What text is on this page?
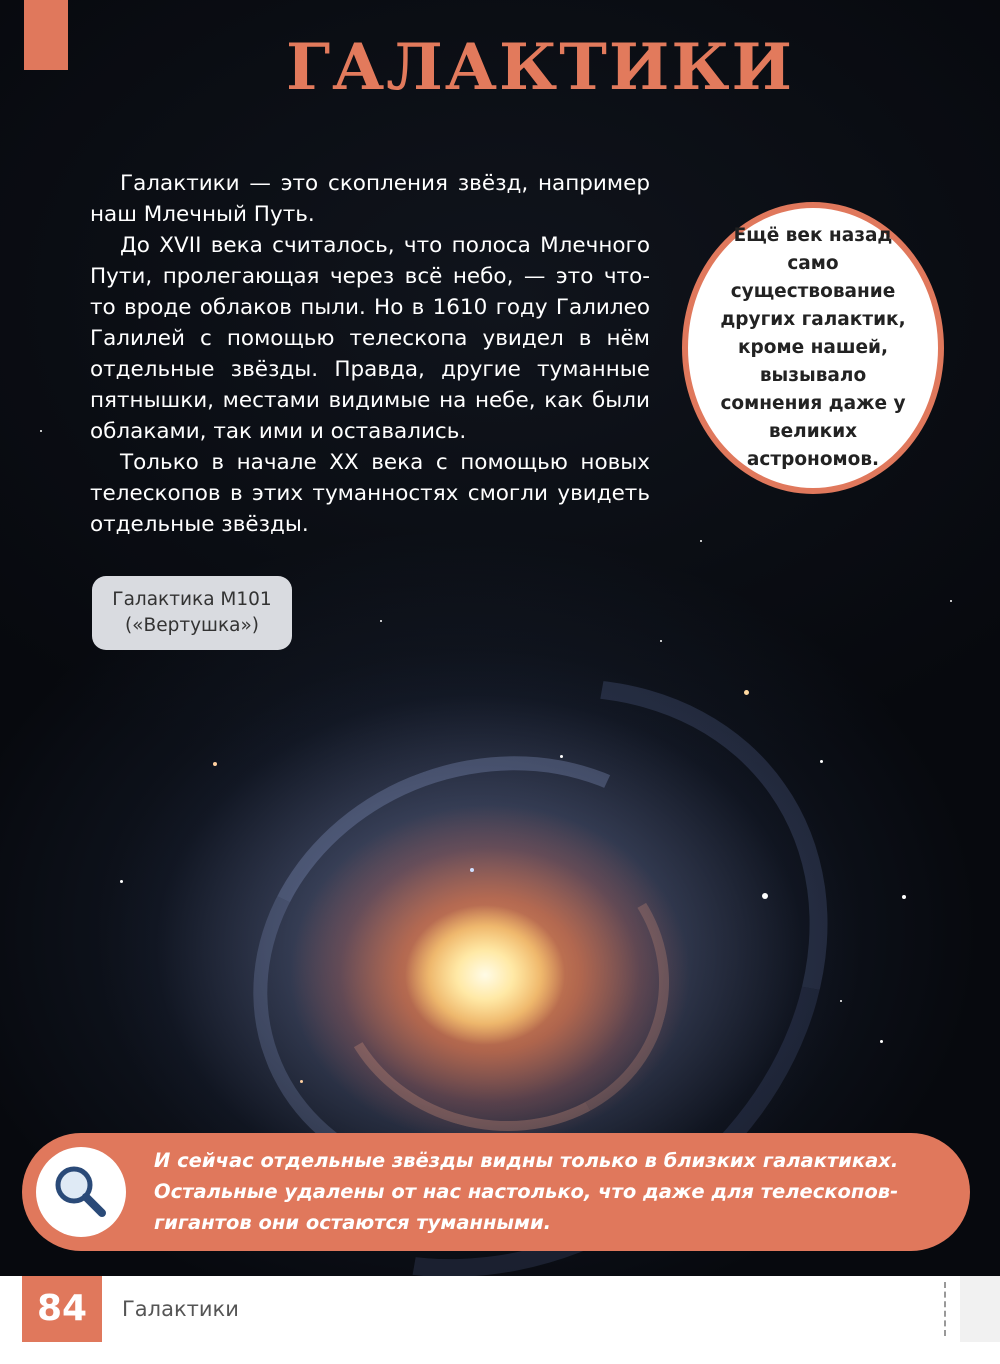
ГАЛАКТИКИ

Галактики — это скопления звёзд, например наш Млечный Путь.

До XVII века считалось, что полоса Млечного Пути, пролегающая через всё небо, — это что-то вроде облаков пыли. Но в 1610 году Галилео Галилей с помощью телескопа увидел в нём отдельные звёзды. Правда, другие туманные пятнышки, местами видимые на небе, как были облаками, так ими и оставались.

Только в начале XX века с помощью новых телескопов в этих туманностях смогли увидеть отдельные звёзды.

Ещё век назад само существование других галактик, кроме нашей, вызывало сомнения даже у великих астрономов.
Галактика М101
(«Вертушка»)
И сейчас отдельные звёзды видны только в близких галактиках. Остальные удалены от нас настолько, что даже для телескопов-гигантов они остаются туманными.
84	Галактики
